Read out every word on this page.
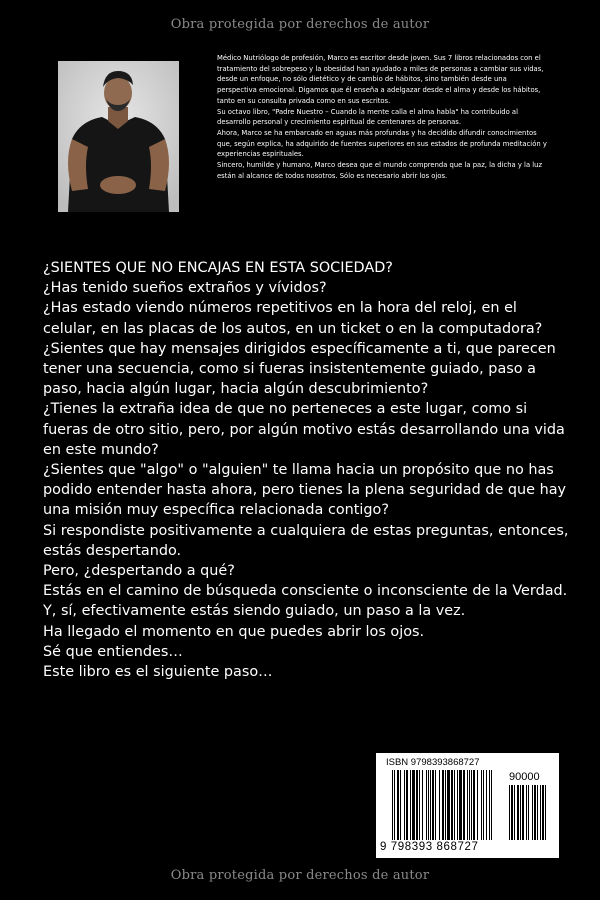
Obra protegida por derechos de autor

Médico Nutriólogo de profesión, Marco es escritor desde joven. Sus 7 libros relacionados con el tratamiento del sobrepeso y la obesidad han ayudado a miles de personas a cambiar sus vidas, desde un enfoque, no sólo dietético y de cambio de hábitos, sino también desde una perspectiva emocional. Digamos que él enseña a adelgazar desde el alma y desde los hábitos, tanto en su consulta privada como en sus escritos.

Su octavo libro, "Padre Nuestro – Cuando la mente calla el alma habla" ha contribuido al desarrollo personal y crecimiento espiritual de centenares de personas.

Ahora, Marco se ha embarcado en aguas más profundas y ha decidido difundir conocimientos que, según explica, ha adquirido de fuentes superiores en sus estados de profunda meditación y experiencias espirituales.

Sincero, humilde y humano, Marco desea que el mundo comprenda que la paz, la dicha y la luz están al alcance de todos nosotros. Sólo es necesario abrir los ojos.

¿SIENTES QUE NO ENCAJAS EN ESTA SOCIEDAD?

¿Has tenido sueños extraños y vívidos?

¿Has estado viendo números repetitivos en la hora del reloj, en el celular, en las placas de los autos, en un ticket o en la computadora?

¿Sientes que hay mensajes dirigidos específicamente a ti, que parecen tener una secuencia, como si fueras insistentemente guiado, paso a paso, hacia algún lugar, hacia algún descubrimiento?

¿Tienes la extraña idea de que no perteneces a este lugar, como si fueras de otro sitio, pero, por algún motivo estás desarrollando una vida en este mundo?

¿Sientes que "algo" o "alguien" te llama hacia un propósito que no has podido entender hasta ahora, pero tienes la plena seguridad de que hay una misión muy específica relacionada contigo?

Si respondiste positivamente a cualquiera de estas preguntas, entonces, estás despertando.

Pero, ¿despertando a qué?

Estás en el camino de búsqueda consciente o inconsciente de la Verdad. Y, sí, efectivamente estás siendo guiado, un paso a la vez.

Ha llegado el momento en que puedes abrir los ojos.

Sé que entiendes…

Este libro es el siguiente paso…

ISBN 9798393868727
90000
9 798393 868727
Obra protegida por derechos de autor
